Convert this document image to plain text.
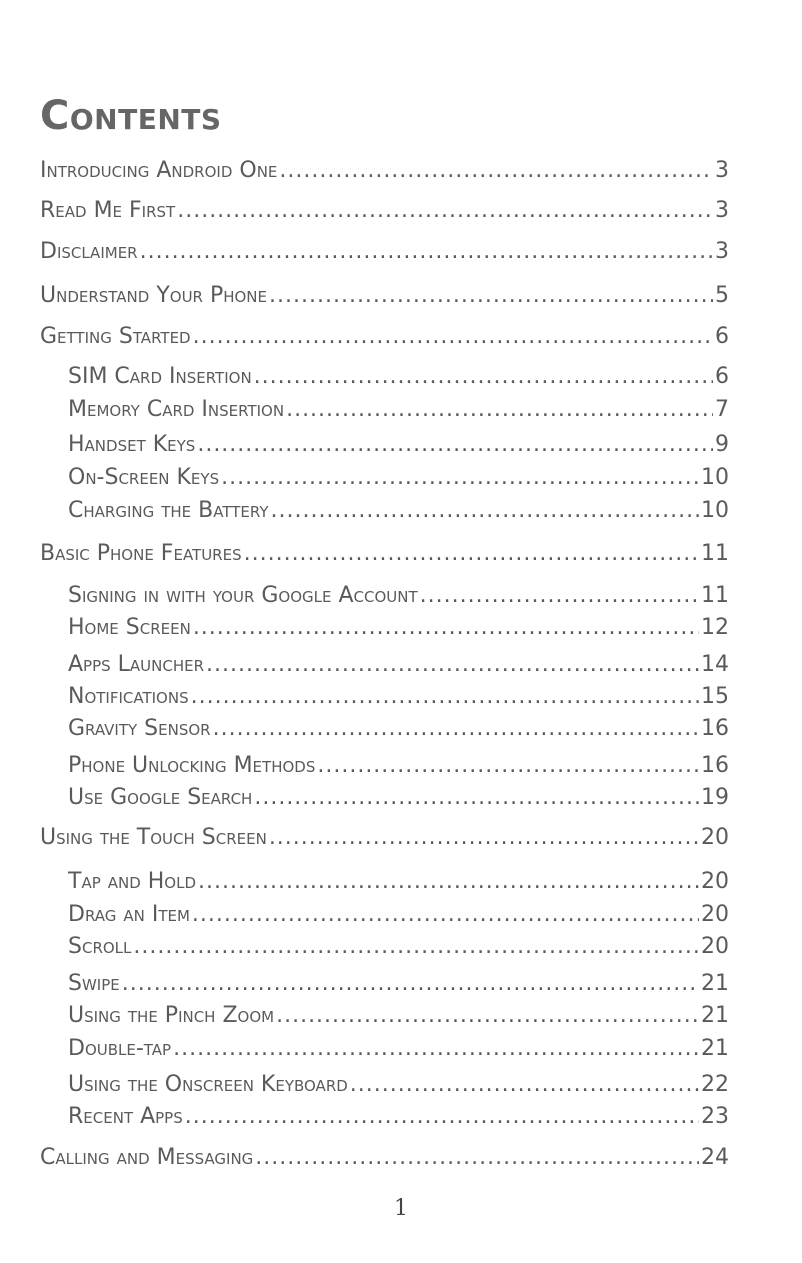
Contents
Introducing Android One .....	3
Read Me First .....	3
Disclaimer .....	3
Understand Your Phone .....	5
Getting Started .....	6
SIM Card Insertion .....	6
Memory Card Insertion .....	7
Handset Keys .....	9
On-Screen Keys .....	10
Charging the Battery .....	10
Basic Phone Features .....	11
Signing in with your Google Account .....	11
Home Screen .....	12
Apps Launcher .....	14
Notifications .....	15
Gravity Sensor .....	16
Phone Unlocking Methods .....	16
Use Google Search .....	19
Using the Touch Screen .....	20
Tap and Hold .....	20
Drag an Item .....	20
Scroll .....	20
Swipe .....	21
Using the Pinch Zoom .....	21
Double-tap .....	21
Using the Onscreen Keyboard .....	22
Recent Apps .....	23
Calling and Messaging .....	24
1
